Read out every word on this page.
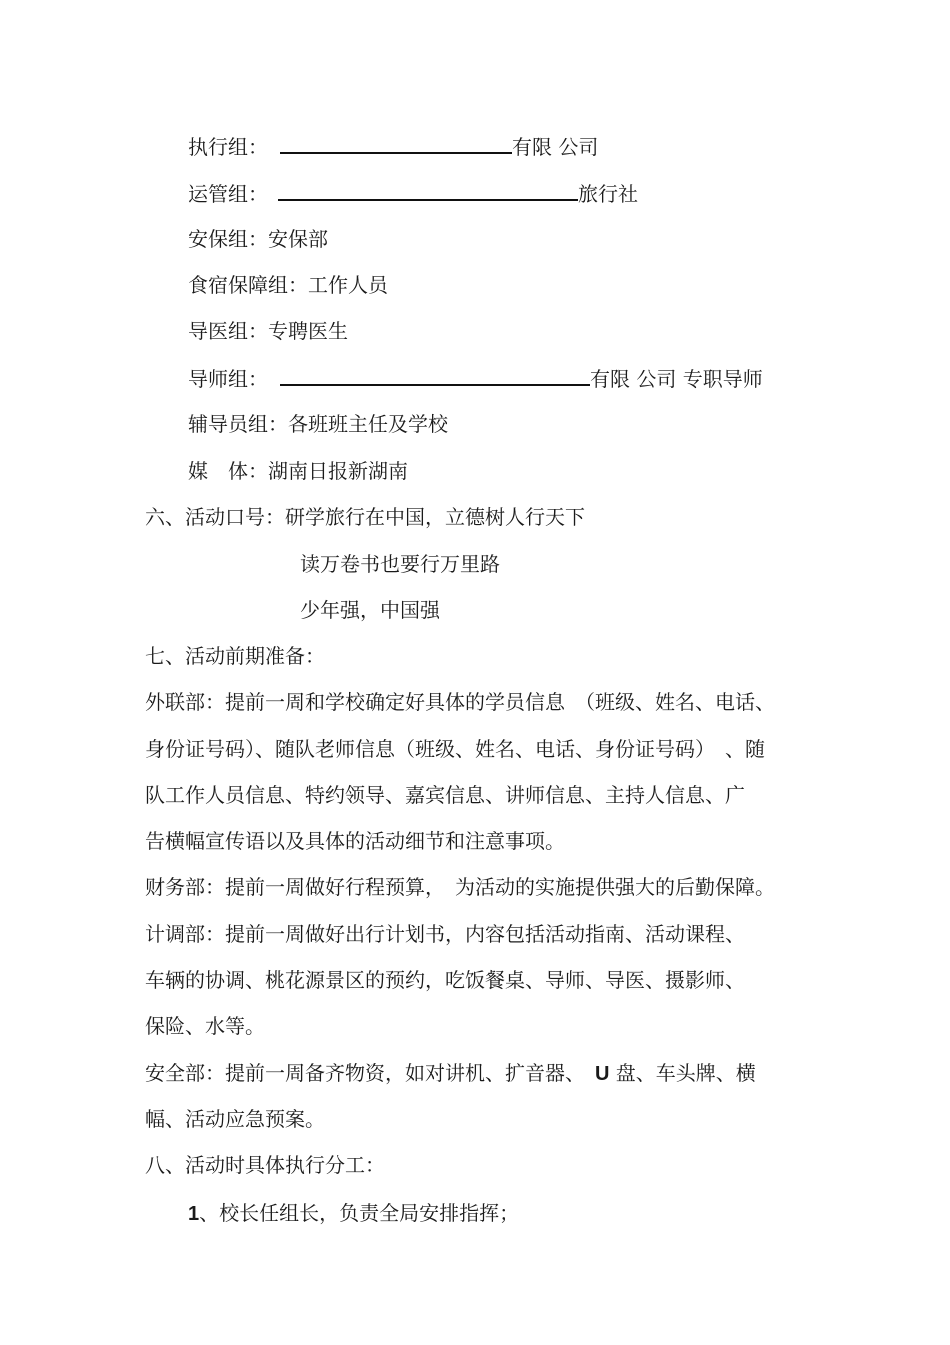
执行组：	有限 公司
运管组：	旅行社
安保组：安保部
食宿保障组：工作人员
导医组：专聘医生
导师组：	有限 公司 专职导师
辅导员组：各班班主任及学校
媒　体：湖南日报新湖南
六、活动口号：研学旅行在中国，立德树人行天下
读万卷书也要行万里路
少年强，中国强
七、活动前期准备：
外联部：提前一周和学校确定好具体的学员信息　（班级、姓名、电话、
身份证号码）、随队老师信息（班级、姓名、电话、身份证号码）　、随
队工作人员信息、特约领导、嘉宾信息、讲师信息、主持人信息、广
告横幅宣传语以及具体的活动细节和注意事项。
财务部：提前一周做好行程预算，　为活动的实施提供强大的后勤保障。
计调部：提前一周做好出行计划书，内容包括活动指南、活动课程、
车辆的协调、桃花源景区的预约，吃饭餐桌、导师、导医、摄影师、
保险、水等。
安全部：提前一周备齐物资，如对讲机、扩音器、　U 盘、车头牌、横
幅、活动应急预案。
八、活动时具体执行分工：
1、校长任组长，负责全局安排指挥；
